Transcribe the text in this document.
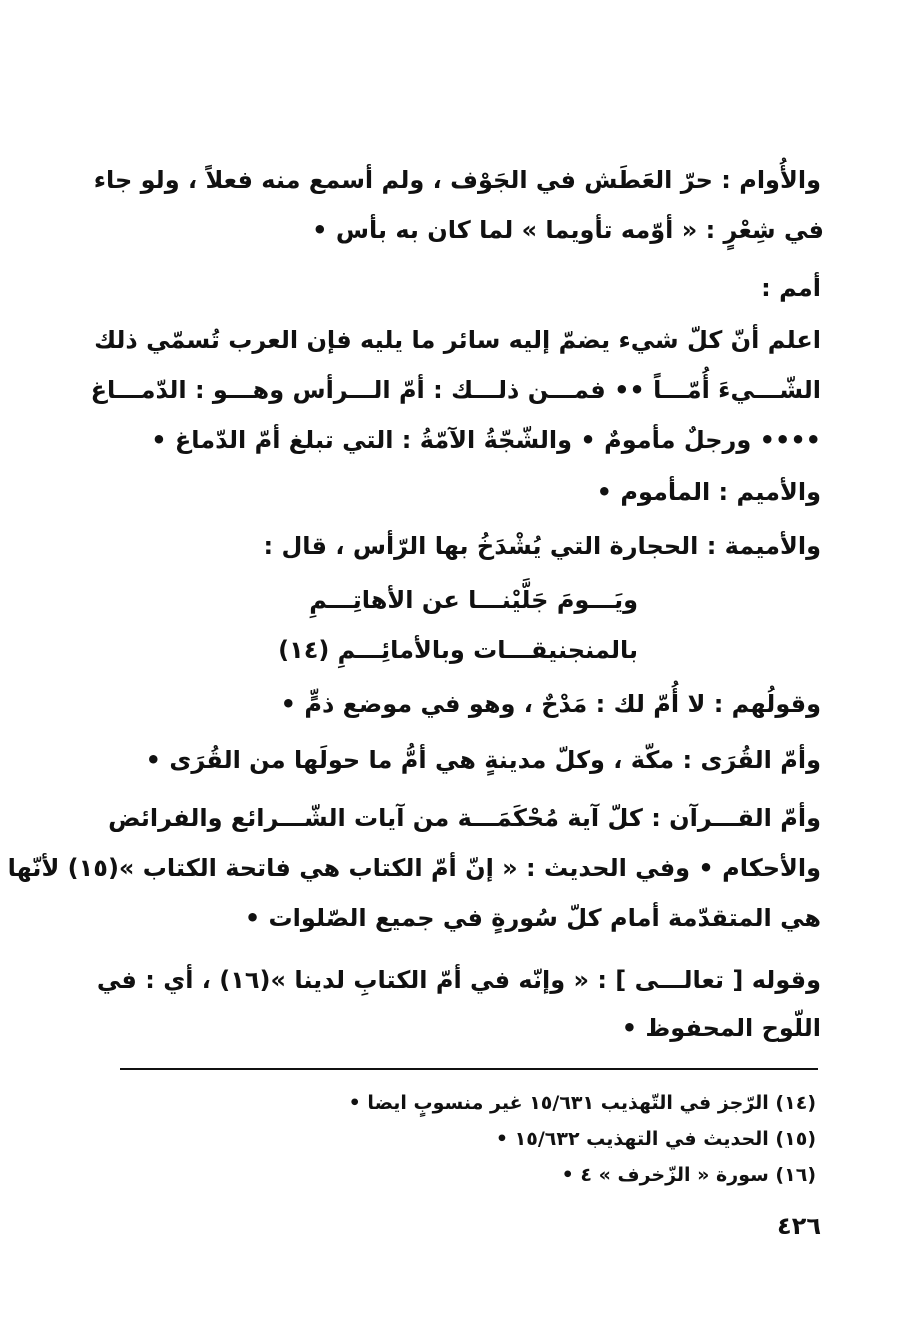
والأُوام : حرّ العَطَش في الجَوْف ، ولم أسمع منه فعلاً ، ولو جاء
في شِعْرٍ : « أوّمه تأويما » لما كان به بأس •
أمم :
اعلم أنّ كلّ شيء يضمّ إليه سائر ما يليه فإن العرب تُسمّي ذلك
الشّـــيءَ أُمّـــاً •• فمـــن ذلـــك : أمّ الـــرأس وهـــو : الدّمـــاغ
•••• ورجلٌ مأمومٌ • والشّجّةُ الآمّةُ : التي تبلغ أمّ الدّماغ •
والأميم : المأموم •
والأميمة : الحجارة التي يُشْدَخُ بها الرّأس ، قال :
ويَـــومَ جَلَّيْنـــا عن الأهاتِـــمِ
بالمنجنيقـــات وبالأمائِـــمِ (١٤)
وقولُهم : لا أُمّ لك : مَدْحٌ ، وهو في موضع ذمٍّ •
وأمّ القُرَى : مكّة ، وكلّ مدينةٍ هي أمُّ ما حولَها من القُرَى •
وأمّ القـــرآن : كلّ آية مُحْكَمَـــة من آيات الشّـــرائع والفرائض
والأحكام • وفي الحديث : « إنّ أمّ الكتاب هي فاتحة الكتاب »(١٥) لأنّها
هي المتقدّمة أمام كلّ سُورةٍ في جميع الصّلوات •
وقوله [ تعالـــى ] : « وإنّه في أمّ الكتابِ لدينا »(١٦) ، أي : في
اللّوح المحفوظ •
(١٤) الرّجز في التّهذيب ١٥/٦٣١ غير منسوبٍ ايضا •
(١٥) الحديث في التهذيب ١٥/٦٣٢ •
(١٦) سورة « الزّخرف » ٤ •
٤٢٦
